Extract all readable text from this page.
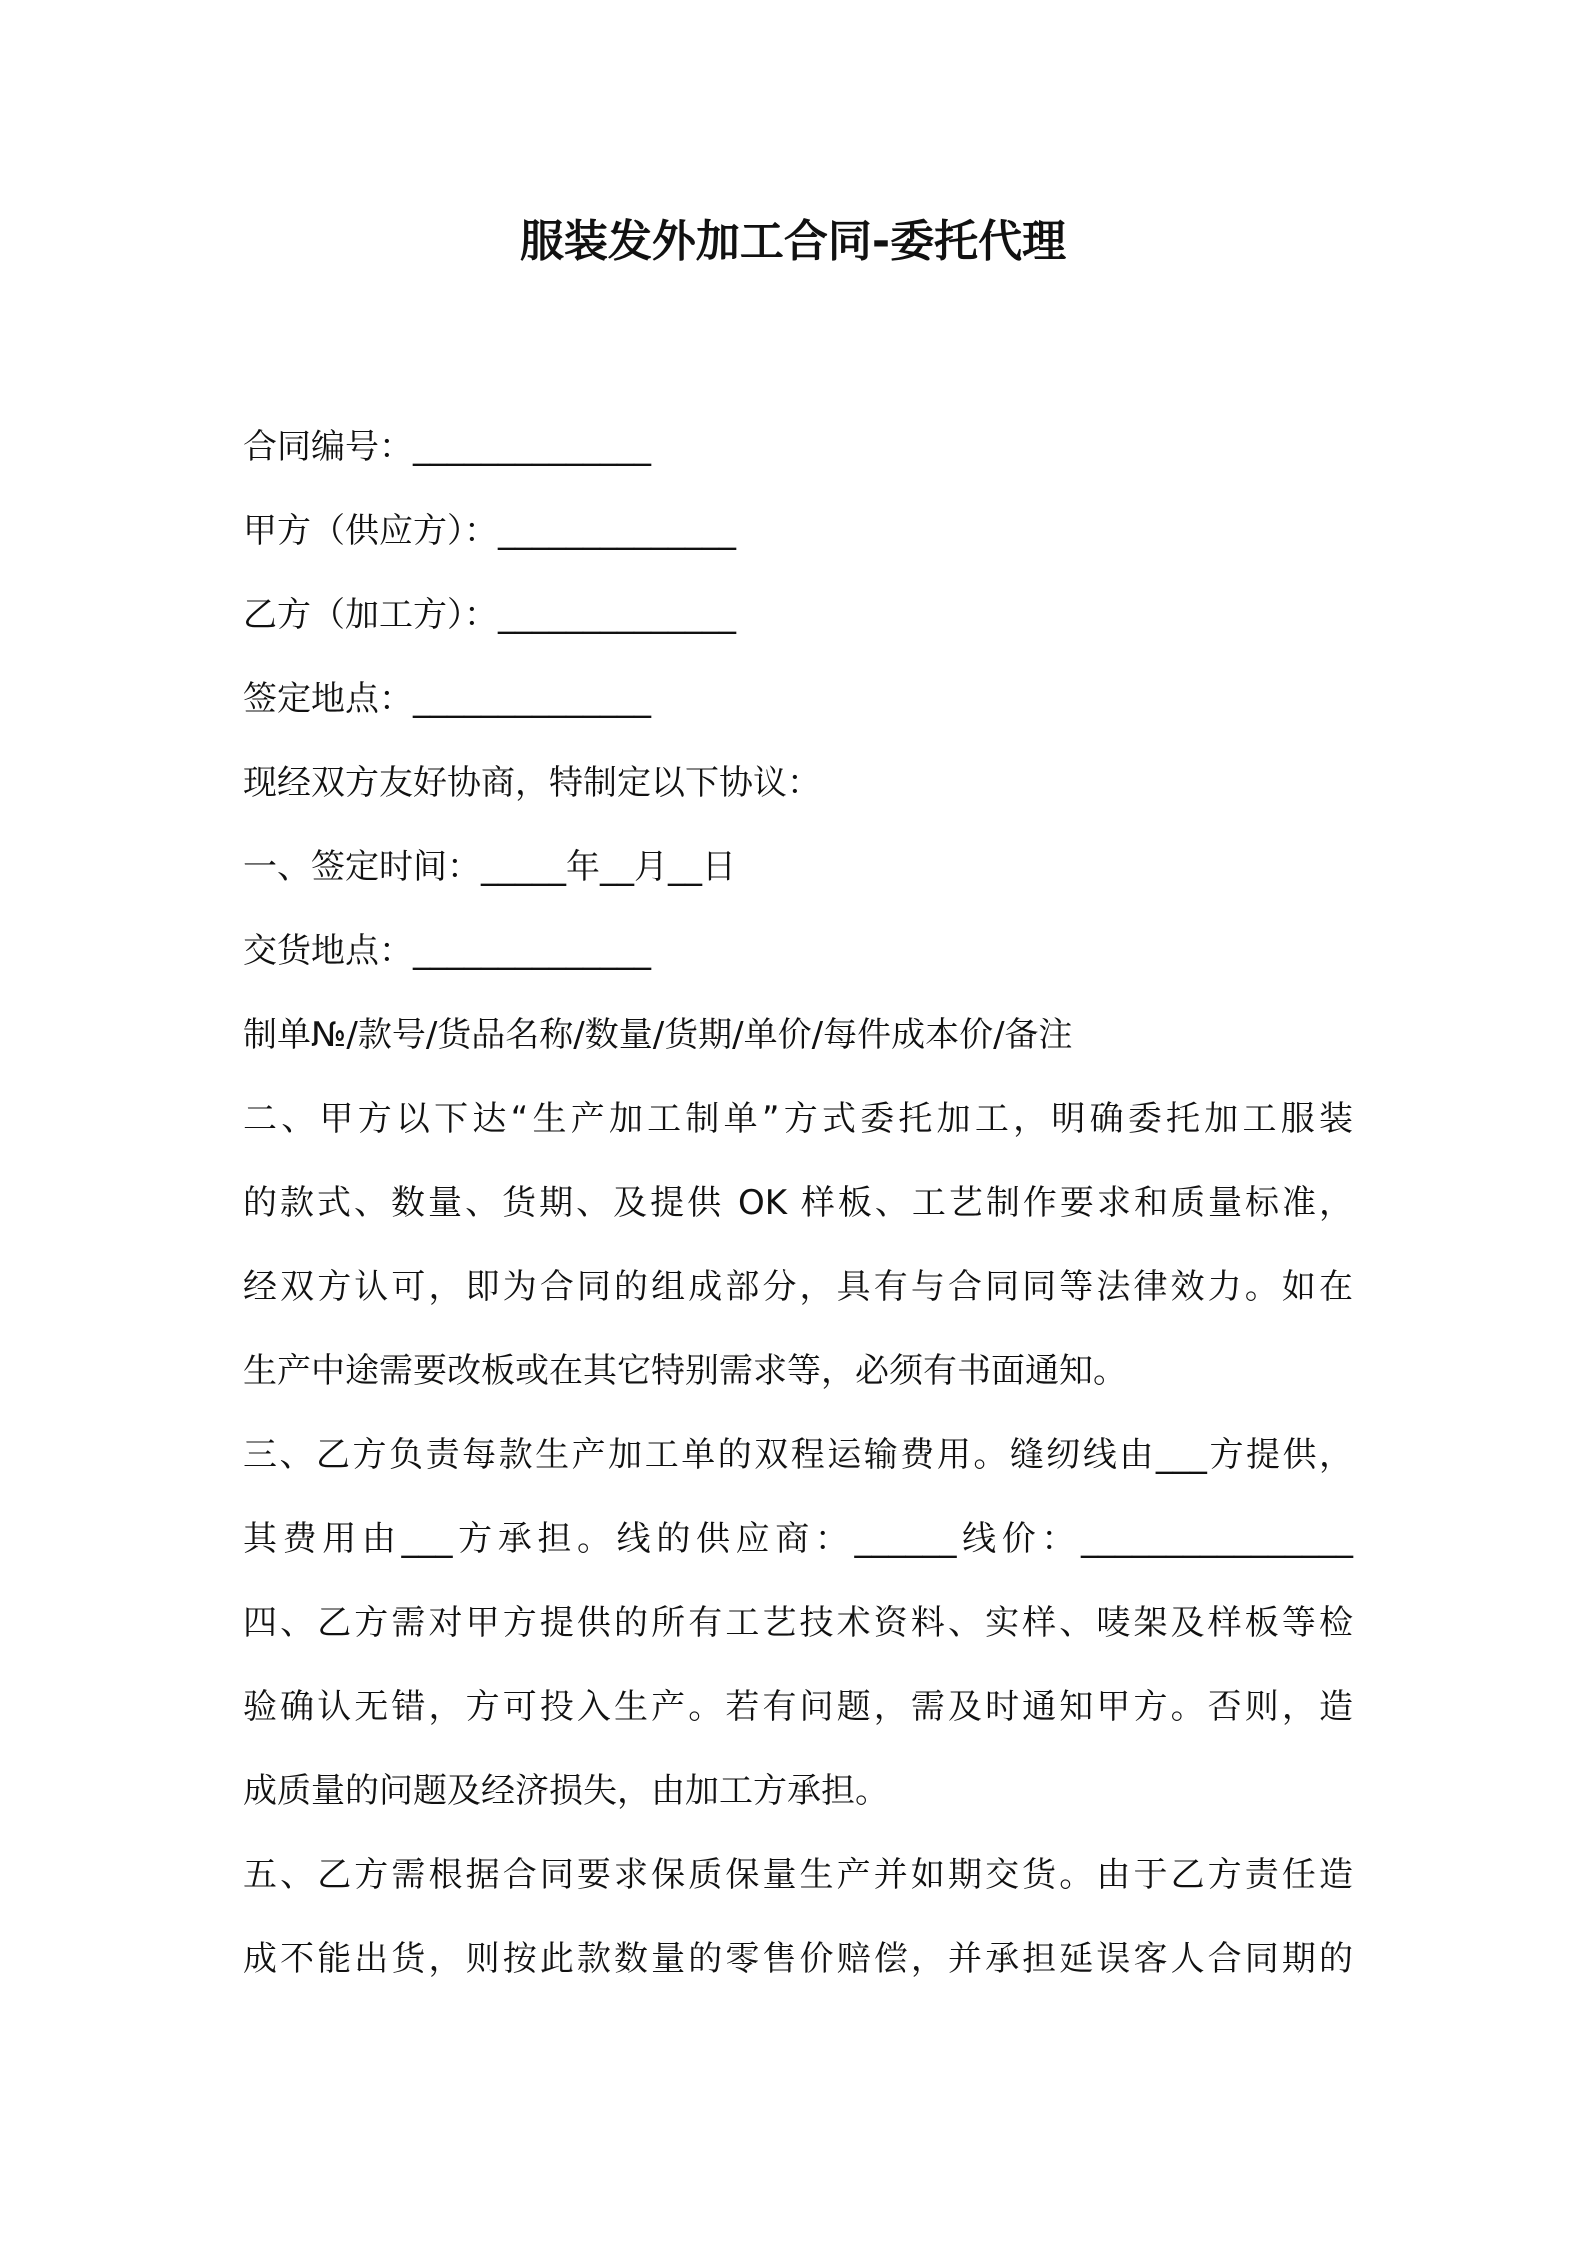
服装发外加工合同-委托代理
合同编号：______________
甲方（供应方）：______________
乙方（加工方）：______________
签定地点：______________
现经双方友好协商，特制定以下协议：
一、签定时间：_____年__月__日
交货地点：______________
制单№/款号/货品名称/数量/货期/单价/每件成本价/备注
二、甲方以下达“生产加工制单”方式委托加工，明确委托加工服装
的款式、数量、货期、及提供 OK 样板、工艺制作要求和质量标准，
经双方认可，即为合同的组成部分，具有与合同同等法律效力。如在
生产中途需要改板或在其它特别需求等，必须有书面通知。
三、乙方负责每款生产加工单的双程运输费用。缝纫线由___方提供，
其费用由___方承担。线的供应商：______线价：________________
四、乙方需对甲方提供的所有工艺技术资料、实样、唛架及样板等检
验确认无错，方可投入生产。若有问题，需及时通知甲方。否则，造
成质量的问题及经济损失，由加工方承担。
五、乙方需根据合同要求保质保量生产并如期交货。由于乙方责任造
成不能出货，则按此款数量的零售价赔偿，并承担延误客人合同期的
